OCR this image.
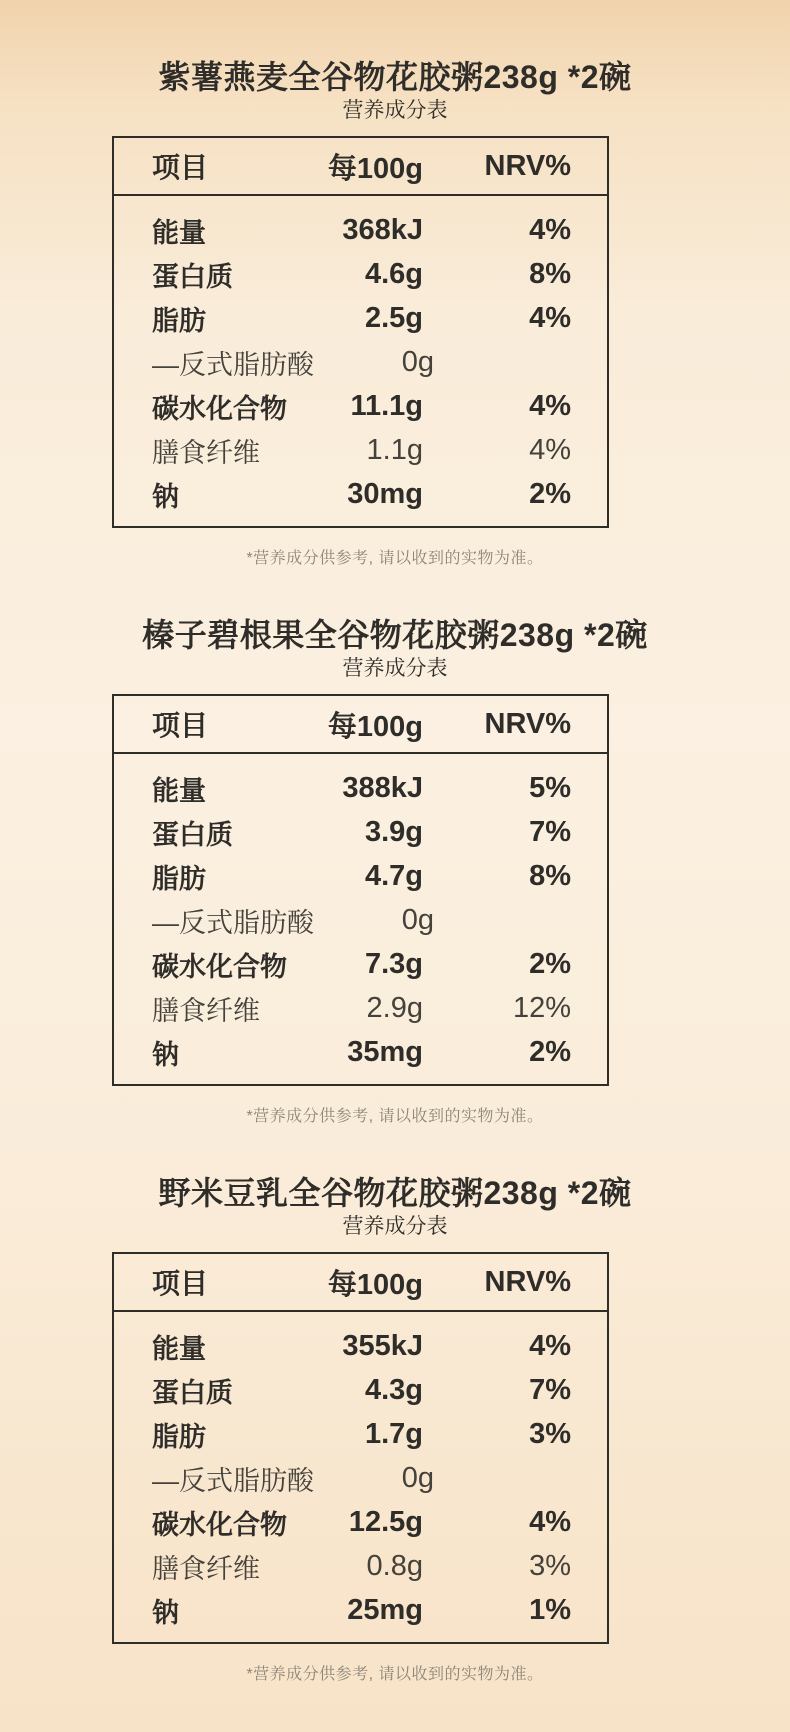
紫薯燕麦全谷物花胶粥238g *2碗
营养成分表
项目	每100g	NRV%
能量	368kJ	4%
蛋白质	4.6g	8%
脂肪	2.5g	4%
—反式脂肪酸	0g
碳水化合物	11.1g	4%
膳食纤维	1.1g	4%
钠	30mg	2%

*营养成分供参考, 请以收到的实物为准。

榛子碧根果全谷物花胶粥238g *2碗
营养成分表
项目	每100g	NRV%
能量	388kJ	5%
蛋白质	3.9g	7%
脂肪	4.7g	8%
—反式脂肪酸	0g
碳水化合物	7.3g	2%
膳食纤维	2.9g	12%
钠	35mg	2%

*营养成分供参考, 请以收到的实物为准。

野米豆乳全谷物花胶粥238g *2碗
营养成分表
项目	每100g	NRV%
能量	355kJ	4%
蛋白质	4.3g	7%
脂肪	1.7g	3%
—反式脂肪酸	0g
碳水化合物	12.5g	4%
膳食纤维	0.8g	3%
钠	25mg	1%

*营养成分供参考, 请以收到的实物为准。
